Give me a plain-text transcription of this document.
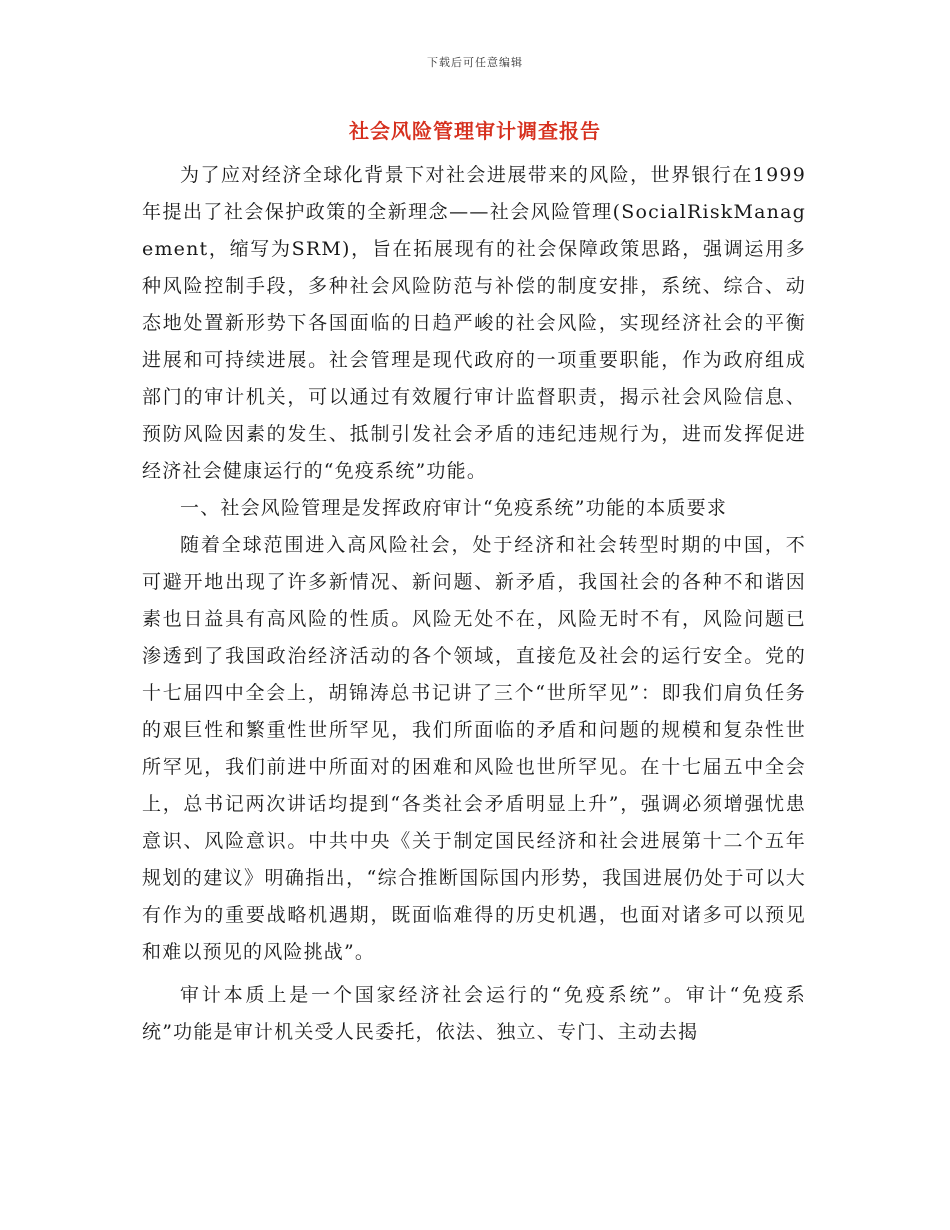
下载后可任意编辑
社会风险管理审计调查报告

为了应对经济全球化背景下对社会进展带来的风险，世界银行在1999年提出了社会保护政策的全新理念——社会风险管理(SocialRiskManagement，缩写为SRM)，旨在拓展现有的社会保障政策思路，强调运用多种风险控制手段，多种社会风险防范与补偿的制度安排，系统、综合、动态地处置新形势下各国面临的日趋严峻的社会风险，实现经济社会的平衡进展和可持续进展。社会管理是现代政府的一项重要职能，作为政府组成部门的审计机关，可以通过有效履行审计监督职责，揭示社会风险信息、预防风险因素的发生、抵制引发社会矛盾的违纪违规行为，进而发挥促进经济社会健康运行的“免疫系统”功能。

一、社会风险管理是发挥政府审计“免疫系统”功能的本质要求

随着全球范围进入高风险社会，处于经济和社会转型时期的中国，不可避开地出现了许多新情况、新问题、新矛盾，我国社会的各种不和谐因素也日益具有高风险的性质。风险无处不在，风险无时不有，风险问题已渗透到了我国政治经济活动的各个领域，直接危及社会的运行安全。党的十七届四中全会上，胡锦涛总书记讲了三个“世所罕见”：即我们肩负任务的艰巨性和繁重性世所罕见，我们所面临的矛盾和问题的规模和复杂性世所罕见，我们前进中所面对的困难和风险也世所罕见。在十七届五中全会上，总书记两次讲话均提到“各类社会矛盾明显上升”，强调必须增强忧患意识、风险意识。中共中央《关于制定国民经济和社会进展第十二个五年规划的建议》明确指出，“综合推断国际国内形势，我国进展仍处于可以大有作为的重要战略机遇期，既面临难得的历史机遇，也面对诸多可以预见和难以预见的风险挑战”。

审计本质上是一个国家经济社会运行的“免疫系统”。审计“免疫系统”功能是审计机关受人民委托，依法、独立、专门、主动去揭
